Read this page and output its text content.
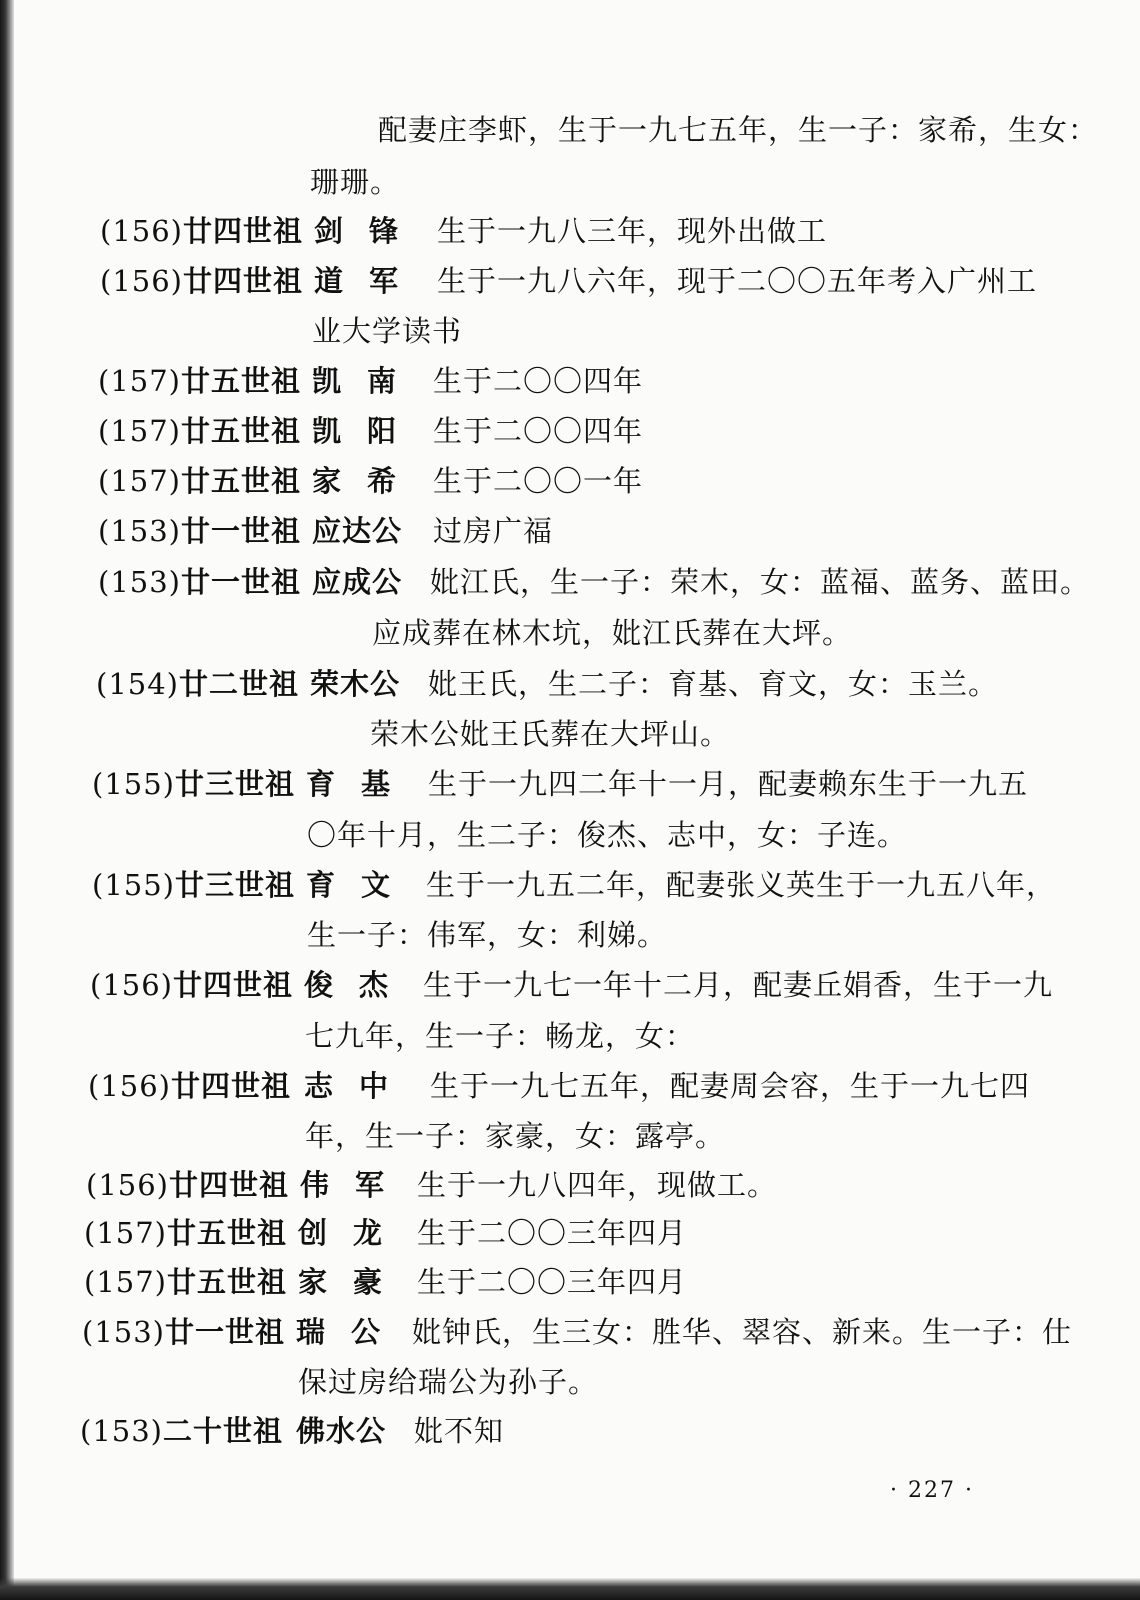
配妻庄李虾，生于一九七五年，生一子：家希，生女：
珊珊。
(156)廿四世祖 剑锋 生于一九八三年，现外出做工
(156)廿四世祖 道军 生于一九八六年，现于二〇〇五年考入广州工
业大学读书
(157)廿五世祖 凯南 生于二〇〇四年
(157)廿五世祖 凯阳 生于二〇〇四年
(157)廿五世祖 家希 生于二〇〇一年
(153)廿一世祖 应达公 过房广福
(153)廿一世祖 应成公 妣江氏，生一子：荣木，女：蓝福、蓝务、蓝田。
应成葬在林木坑，妣江氏葬在大坪。
(154)廿二世祖 荣木公 妣王氏，生二子：育基、育文，女：玉兰。
荣木公妣王氏葬在大坪山。
(155)廿三世祖 育基 生于一九四二年十一月，配妻赖东生于一九五
〇年十月，生二子：俊杰、志中，女：子连。
(155)廿三世祖 育文 生于一九五二年，配妻张义英生于一九五八年，
生一子：伟军，女：利娣。
(156)廿四世祖 俊杰 生于一九七一年十二月，配妻丘娟香，生于一九
七九年，生一子：畅龙，女：
(156)廿四世祖 志中 生于一九七五年，配妻周会容，生于一九七四
年，生一子：家豪，女：露亭。
(156)廿四世祖 伟军 生于一九八四年，现做工。
(157)廿五世祖 创龙 生于二〇〇三年四月
(157)廿五世祖 家豪 生于二〇〇三年四月
(153)廿一世祖 瑞公 妣钟氏，生三女：胜华、翠容、新来。生一子：仕
保过房给瑞公为孙子。
(153)二十世祖 佛水公 妣不知
· 227 ·
